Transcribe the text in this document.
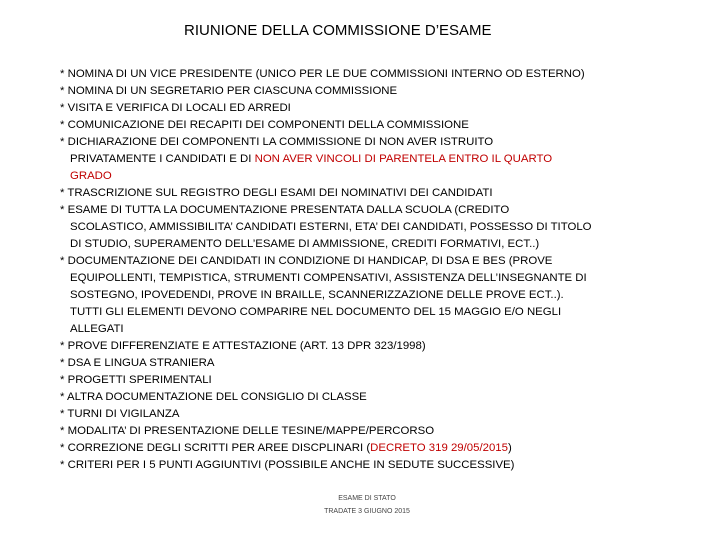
RIUNIONE DELLA COMMISSIONE D’ESAME
* NOMINA DI UN VICE PRESIDENTE (UNICO PER LE DUE COMMISSIONI INTERNO OD ESTERNO)
* NOMINA DI UN SEGRETARIO PER CIASCUNA COMMISSIONE
* VISITA E VERIFICA DI LOCALI ED ARREDI
* COMUNICAZIONE DEI RECAPITI DEI COMPONENTI DELLA COMMISSIONE
* DICHIARAZIONE DEI COMPONENTI LA COMMISSIONE DI NON AVER ISTRUITO
PRIVATAMENTE I CANDIDATI E DI NON AVER VINCOLI DI PARENTELA ENTRO IL QUARTO
GRADO
* TRASCRIZIONE SUL REGISTRO DEGLI ESAMI DEI NOMINATIVI DEI CANDIDATI
* ESAME DI TUTTA LA DOCUMENTAZIONE PRESENTATA DALLA SCUOLA (CREDITO
SCOLASTICO, AMMISSIBILITA’ CANDIDATI ESTERNI, ETA’ DEI CANDIDATI, POSSESSO DI TITOLO
DI STUDIO, SUPERAMENTO DELL’ESAME DI AMMISSIONE, CREDITI FORMATIVI, ECT..)
* DOCUMENTAZIONE DEI CANDIDATI IN CONDIZIONE DI HANDICAP, DI DSA E BES (PROVE
EQUIPOLLENTI, TEMPISTICA, STRUMENTI COMPENSATIVI, ASSISTENZA DELL’INSEGNANTE DI
SOSTEGNO, IPOVEDENDI, PROVE IN BRAILLE, SCANNERIZZAZIONE DELLE PROVE ECT..).
TUTTI GLI ELEMENTI DEVONO COMPARIRE NEL DOCUMENTO DEL 15 MAGGIO E/O NEGLI
ALLEGATI
* PROVE DIFFERENZIATE E ATTESTAZIONE (ART. 13 DPR 323/1998)
* DSA E LINGUA STRANIERA
* PROGETTI SPERIMENTALI
* ALTRA DOCUMENTAZIONE DEL CONSIGLIO DI CLASSE
* TURNI DI VIGILANZA
* MODALITA’ DI PRESENTAZIONE DELLE TESINE/MAPPE/PERCORSO
* CORREZIONE DEGLI SCRITTI PER AREE DISCPLINARI (DECRETO 319 29/05/2015)
* CRITERI PER I 5 PUNTI AGGIUNTIVI (POSSIBILE ANCHE IN SEDUTE SUCCESSIVE)
ESAME DI STATO
TRADATE 3 GIUGNO 2015
